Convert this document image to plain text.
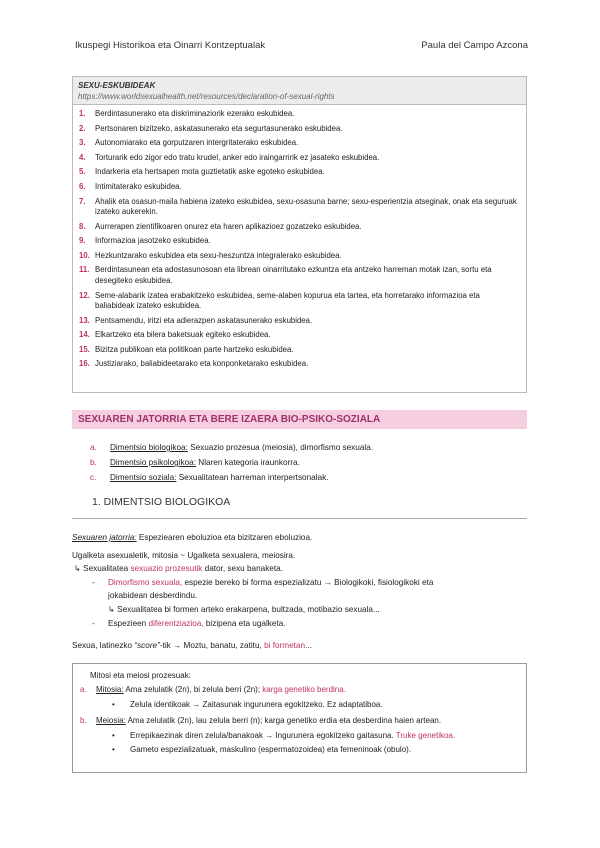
Ikuspegi Historikoa eta Oinarri Kontzeptualak	Paula del Campo Azcona
SEXU-ESKUBIDEAK
https://www.worldsexualhealth.net/resources/declaration-of-sexual-rights
1.	Berdintasunerako eta diskriminaziorik ezerako eskubidea.
2.	Pertsonaren bizitzeko, askatasunerako eta segurtasunerako eskubidea.
3.	Autonomiarako eta gorputzaren intergritaterako eskubidea.
4.	Torturarik edo zigor edo tratu krudel, anker edo iraingarririk ez jasateko eskubidea.
5.	Indarkeria eta hertsapen mota guztietatik aske egoteko eskubidea.
6.	Intimitaterako eskubidea.
7.	Ahalik eta osasun-maila habiena izateko eskubidea, sexu-osasuna barne; sexu-esperientzia atseginak, onak eta seguruak izateko aukerekin.
8.	Aurrerapen zientifikoaren onurez eta haren aplikazioez gozatzeko eskubidea.
9.	Informazioa jasotzeko eskubidea.
10. Hezkuntzarako eskubidea eta sexu-heszuntza integralerako eskubidea.
11. Berdintasunean eta adostasunosoan eta librean oinarritutako ezkuntza eta antzeko harreman motak izan, sortu eta desegiteko eskubidea.
12. Seme-alabarik izatea erabakitzeko eskubidea, seme-alaben kopurua eta tartea, eta horretarako informazioa eta baliabideak izateko eskubidea.
13. Pentsamendu, iritzi eta adierazpen askatasunerako eskubidea.
14. Elkartzeko eta bilera baketsuak egiteko eskubidea.
15. Bizitza publikoan eta politikoan parte hartzeko eskubidea.
16. Justiziarako, baliabideetarako eta konponketarako eskubidea.
SEXUAREN JATORRIA ETA BERE IZAERA BIO-PSIKO-SOZIALA
a. Dimentsio biologikoa: Sexuazio prozesua (meiosia), dimorfismo sexuala.
b. Dimentsio psikologikoa: Nlaren kategoria iraunkorra.
c. Dimentsio soziala: Sexualitatean harreman interpertsonalak.
1. DIMENTSIO BIOLOGIKOA
Sexuaren jatorria: Espeziearen eboluzioa eta bizitzaren eboluzioa.
Ugalketa asexualetik, mitosia ~ Ugalketa sexualera, meiosira.
↳ Sexualitatea sexuazio prozesutik dator, sexu banaketa.
- Dimorfismo sexuala, espezie bereko bi forma espezializatu → Biologikoki, fisiologikoki eta
jokabidean desberdindu.
↳ Sexualitatea bi formen arteko erakarpena, bultzada, motibazio sexuala...
- Espezieen diferentziazioa, bizipena eta ugalketa.
Sexua, latinezko “score”-tik → Moztu, banatu, zatitu, bi formetan...
Mitosi eta meiosi prozesuak:
a. Mitosia: Ama zelulatik (2n), bi zelula berri (2n); karga genetiko berdina.
• Zelula identikoak → Zaitasunak ingurunera egokitzeko. Ez adaptatiboa.
b. Meiosia: Ama zelulatik (2n), lau zelula berri (n); karga genetiko erdia eta desberdina haien artean.
• Errepikaezinak diren zelula/banakoak → Ingurunera egokitzeko gaitasuna. Truke genetikoa.
• Gameto espezializatuak, maskulino (espermatozoidea) eta femeninoak (obulo).
